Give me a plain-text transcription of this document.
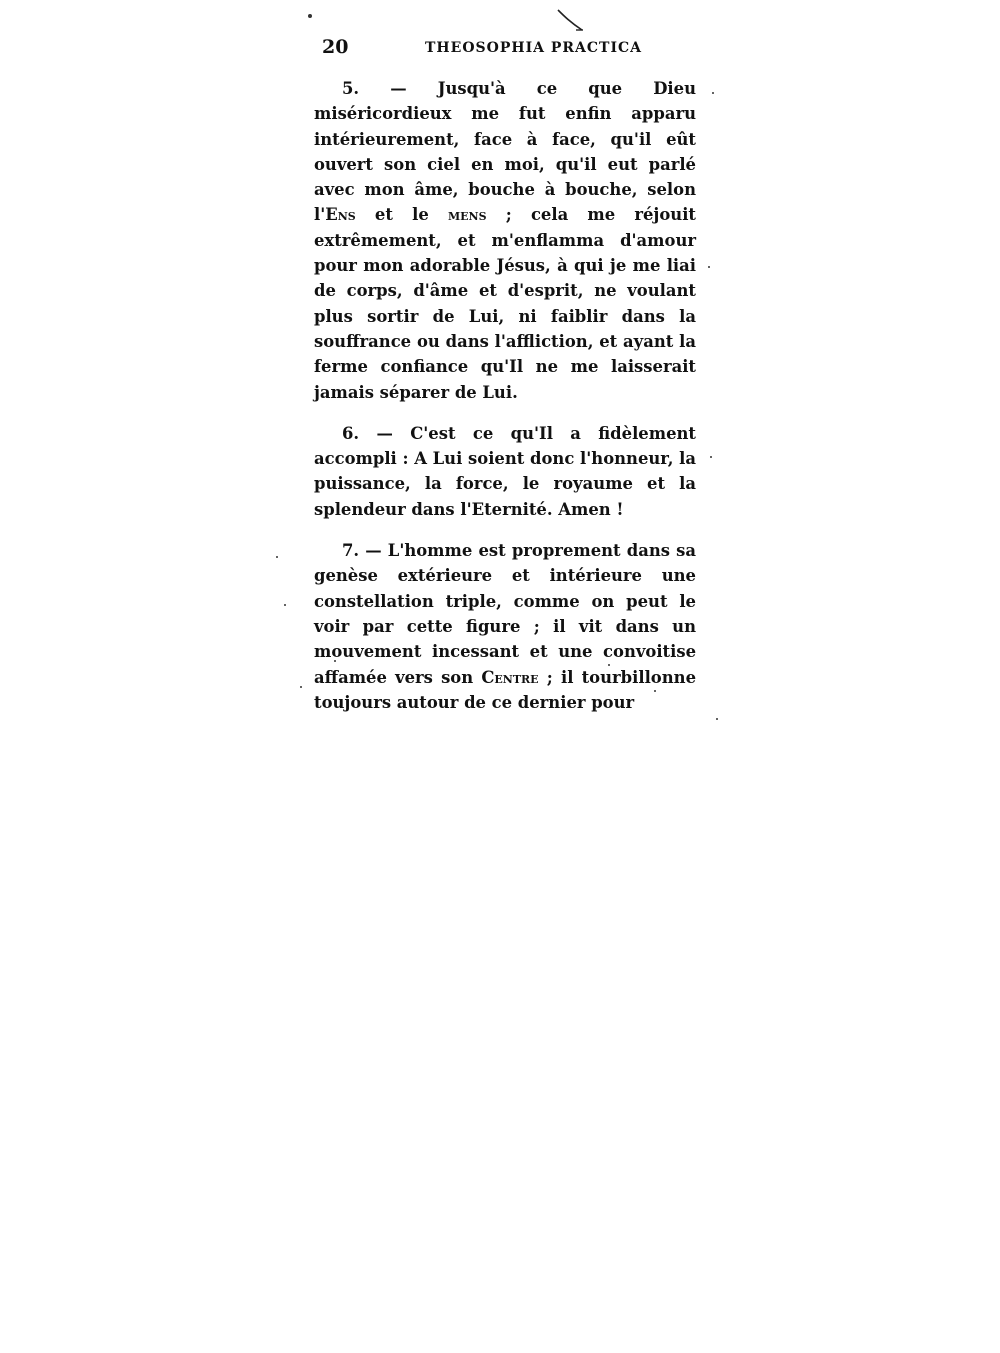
20	THEOSOPHIA PRACTICA

5. — Jusqu'à ce que Dieu miséricordieux me fut enfin apparu intérieurement, face à face, qu'il eût ouvert son ciel en moi, qu'il eut parlé avec mon âme, bouche à bouche, selon l'Ens et le mens ; cela me réjouit extrêmement, et m'enflamma d'amour pour mon adorable Jésus, à qui je me liai de corps, d'âme et d'esprit, ne voulant plus sortir de Lui, ni faiblir dans la souffrance ou dans l'affliction, et ayant la ferme confiance qu'Il ne me laisserait jamais séparer de Lui.

6. — C'est ce qu'Il a fidèlement accompli : A Lui soient donc l'honneur, la puissance, la force, le royaume et la splendeur dans l'Eternité. Amen !

7. — L'homme est proprement dans sa genèse extérieure et intérieure une constellation triple, comme on peut le voir par cette figure ; il vit dans un mouvement incessant et une convoitise affamée vers son Centre ; il tourbillonne toujours autour de ce dernier pour
